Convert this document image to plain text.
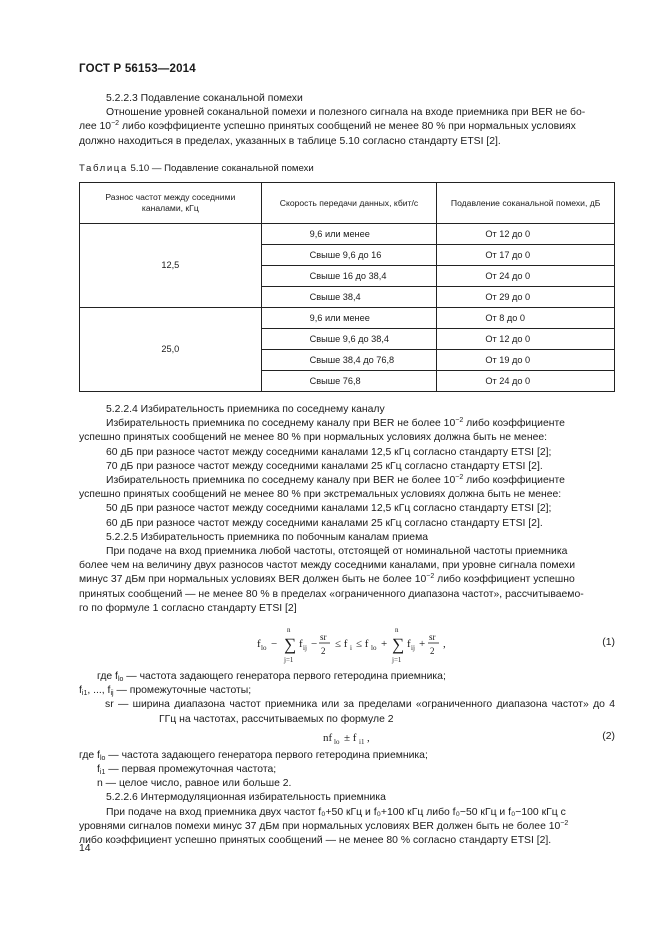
ГОСТ Р 56153—2014

5.2.2.3 Подавление соканальной помехи

Отношение уровней соканальной помехи и полезного сигнала на входе приемника при BER не бо-

лее $10^{-2}$ либо коэффициенте успешно принятых сообщений не менее 80 % при нормальных условиях

должно находиться в пределах, указанных в таблице 5.10 согласно стандарту ETSI [2].

Таблица 5.10 — Подавление соканальной помехи

Разнос частот между соседними каналами, кГц	Скорость передачи данных, кбит/с	Подавление соканальной помехи, дБ
12,5	9,6 или менее	От 12 до 0
	Свыше 9,6 до 16	От 17 до 0
	Свыше 16 до 38,4	От 24 до 0
	Свыше 38,4	От 29 до 0
25,0	9,6 или менее	От 8 до 0
	Свыше 9,6 до 38,4	От 12 до 0
	Свыше 38,4 до 76,8	От 19 до 0
	Свыше 76,8	От 24 до 0

5.2.2.4 Избирательность приемника по соседнему каналу

Избирательность приемника по соседнему каналу при BER не более $10^{-2}$ либо коэффициенте

успешно принятых сообщений не менее 80 % при нормальных условиях должна быть не менее:

60 дБ при разносе частот между соседними каналами 12,5 кГц согласно стандарту ETSI [2];

70 дБ при разносе частот между соседними каналами 25 кГц согласно стандарту ETSI [2].

Избирательность приемника по соседнему каналу при BER не более $10^{-2}$ либо коэффициенте

успешно принятых сообщений не менее 80 % при экстремальных условиях должна быть не менее:

50 дБ при разносе частот между соседними каналами 12,5 кГц согласно стандарту ETSI [2];

60 дБ при разносе частот между соседними каналами 25 кГц согласно стандарту ETSI [2].

5.2.2.5 Избирательность приемника по побочным каналам приема

При подаче на вход приемника любой частоты, отстоящей от номинальной частоты приемника

более чем на величину двух разносов частот между соседними каналами, при уровне сигнала помехи

минус 37 дБм при нормальных условиях BER должен быть не более $10^{-2}$ либо коэффициент успешно

принятых сообщений — не менее 80 % в пределах «ограниченного диапазона частот», рассчитываемо-

го по формуле 1 согласно стандарту ETSI [2]

f lo − ∑
n
j=1
f ij −
sr
2
≤ f i ≤ f lo + ∑
n
j=1
f ij +
sr
2
,	(1)

где $f_{lo}$ — частота задающего генератора первого гетеродина приемника;

$f_{i1}$, ..., $f_{ij}$ — промежуточные частоты;

sr — ширина диапазона частот приемника или за пределами «ограниченного диапазона частот» до 4 ГГц на частотах, рассчитываемых по формуле 2

nf lo ± f i1 ,	(2)

где $f_{lo}$ — частота задающего генератора первого гетеродина приемника;

$f_{i1}$ — первая промежуточная частота;

n — целое число, равное или больше 2.

5.2.2.6 Интермодуляционная избирательность приемника

При подаче на вход приемника двух частот f₀+50 кГц и f₀+100 кГц либо f₀−50 кГц и f₀−100 кГц с

уровнями сигналов помехи минус 37 дБм при нормальных условиях BER должен быть не более $10^{-2}$

либо коэффициент успешно принятых сообщений — не менее 80 % согласно стандарту ETSI [2].

14
